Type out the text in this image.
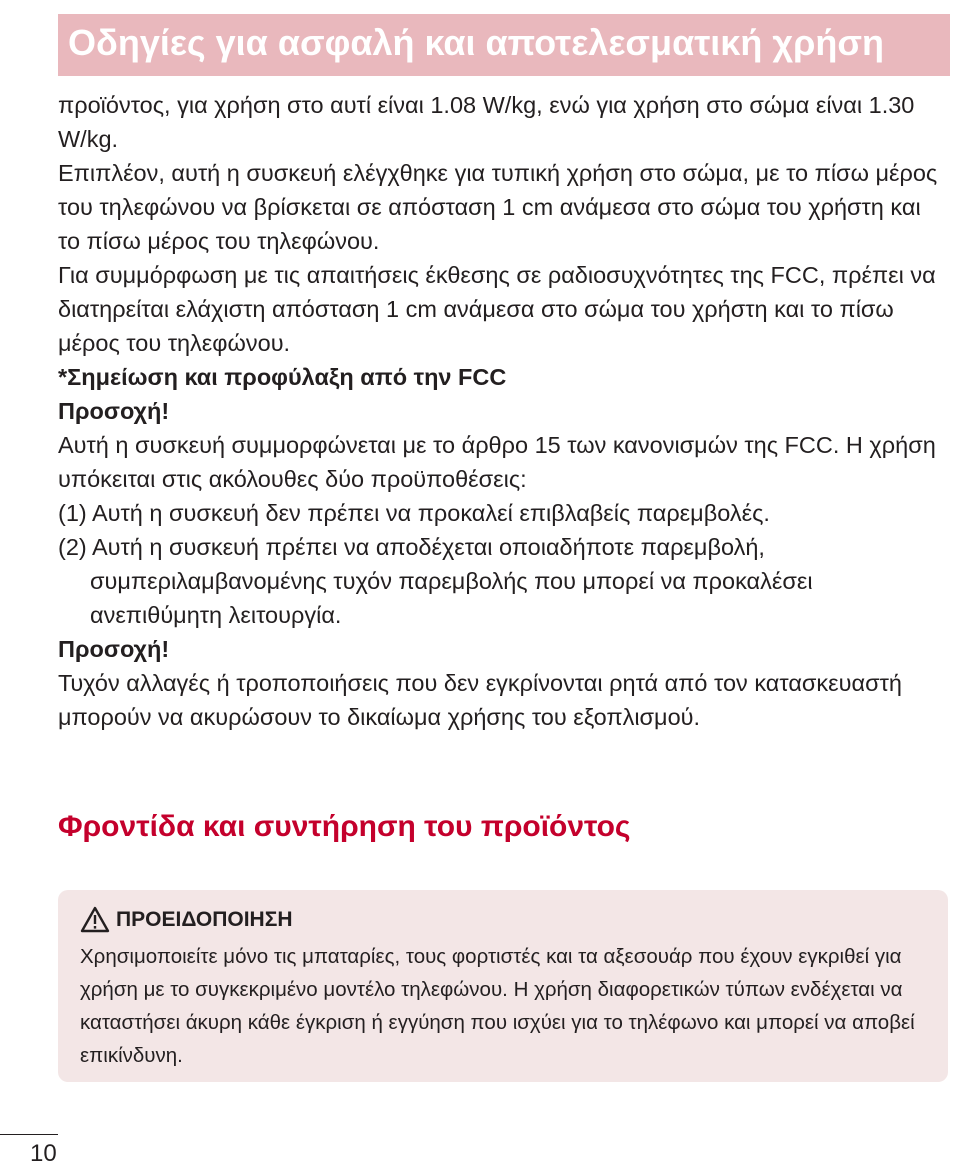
Οδηγίες για ασφαλή και αποτελεσματική χρήση

προϊόντος, για χρήση στο αυτί είναι 1.08 W/kg, ενώ για χρήση στο σώμα είναι 1.30 W/kg.

Επιπλέον, αυτή η συσκευή ελέγχθηκε για τυπική χρήση στο σώμα, με το πίσω μέρος του τηλεφώνου να βρίσκεται σε απόσταση 1 cm ανάμεσα στο σώμα του χρήστη και το πίσω μέρος του τηλεφώνου.

Για συμμόρφωση με τις απαιτήσεις έκθεσης σε ραδιοσυχνότητες της FCC, πρέπει να διατηρείται ελάχιστη απόσταση 1 cm ανάμεσα στο σώμα του χρήστη και το πίσω μέρος του τηλεφώνου.

*Σημείωση και προφύλαξη από την FCC

Προσοχή!

Αυτή η συσκευή συμμορφώνεται με το άρθρο 15 των κανονισμών της FCC. Η χρήση υπόκειται στις ακόλουθες δύο προϋποθέσεις:

(1) Αυτή η συσκευή δεν πρέπει να προκαλεί επιβλαβείς παρεμβολές.

(2) Αυτή η συσκευή πρέπει να αποδέχεται οποιαδήποτε παρεμβολή,

συμπεριλαμβανομένης τυχόν παρεμβολής που μπορεί να προκαλέσει ανεπιθύμητη λειτουργία.

Προσοχή!

Τυχόν αλλαγές ή τροποποιήσεις που δεν εγκρίνονται ρητά από τον κατασκευαστή μπορούν να ακυρώσουν το δικαίωμα χρήσης του εξοπλισμού.

Φροντίδα και συντήρηση του προϊόντος
ΠΡΟΕΙΔΟΠΟΙΗΣΗ
Χρησιμοποιείτε μόνο τις μπαταρίες, τους φορτιστές και τα αξεσουάρ που έχουν εγκριθεί για χρήση με το συγκεκριμένο μοντέλο τηλεφώνου. Η χρήση διαφορετικών τύπων ενδέχεται να καταστήσει άκυρη κάθε έγκριση ή εγγύηση που ισχύει για το τηλέφωνο και μπορεί να αποβεί επικίνδυνη.
10
